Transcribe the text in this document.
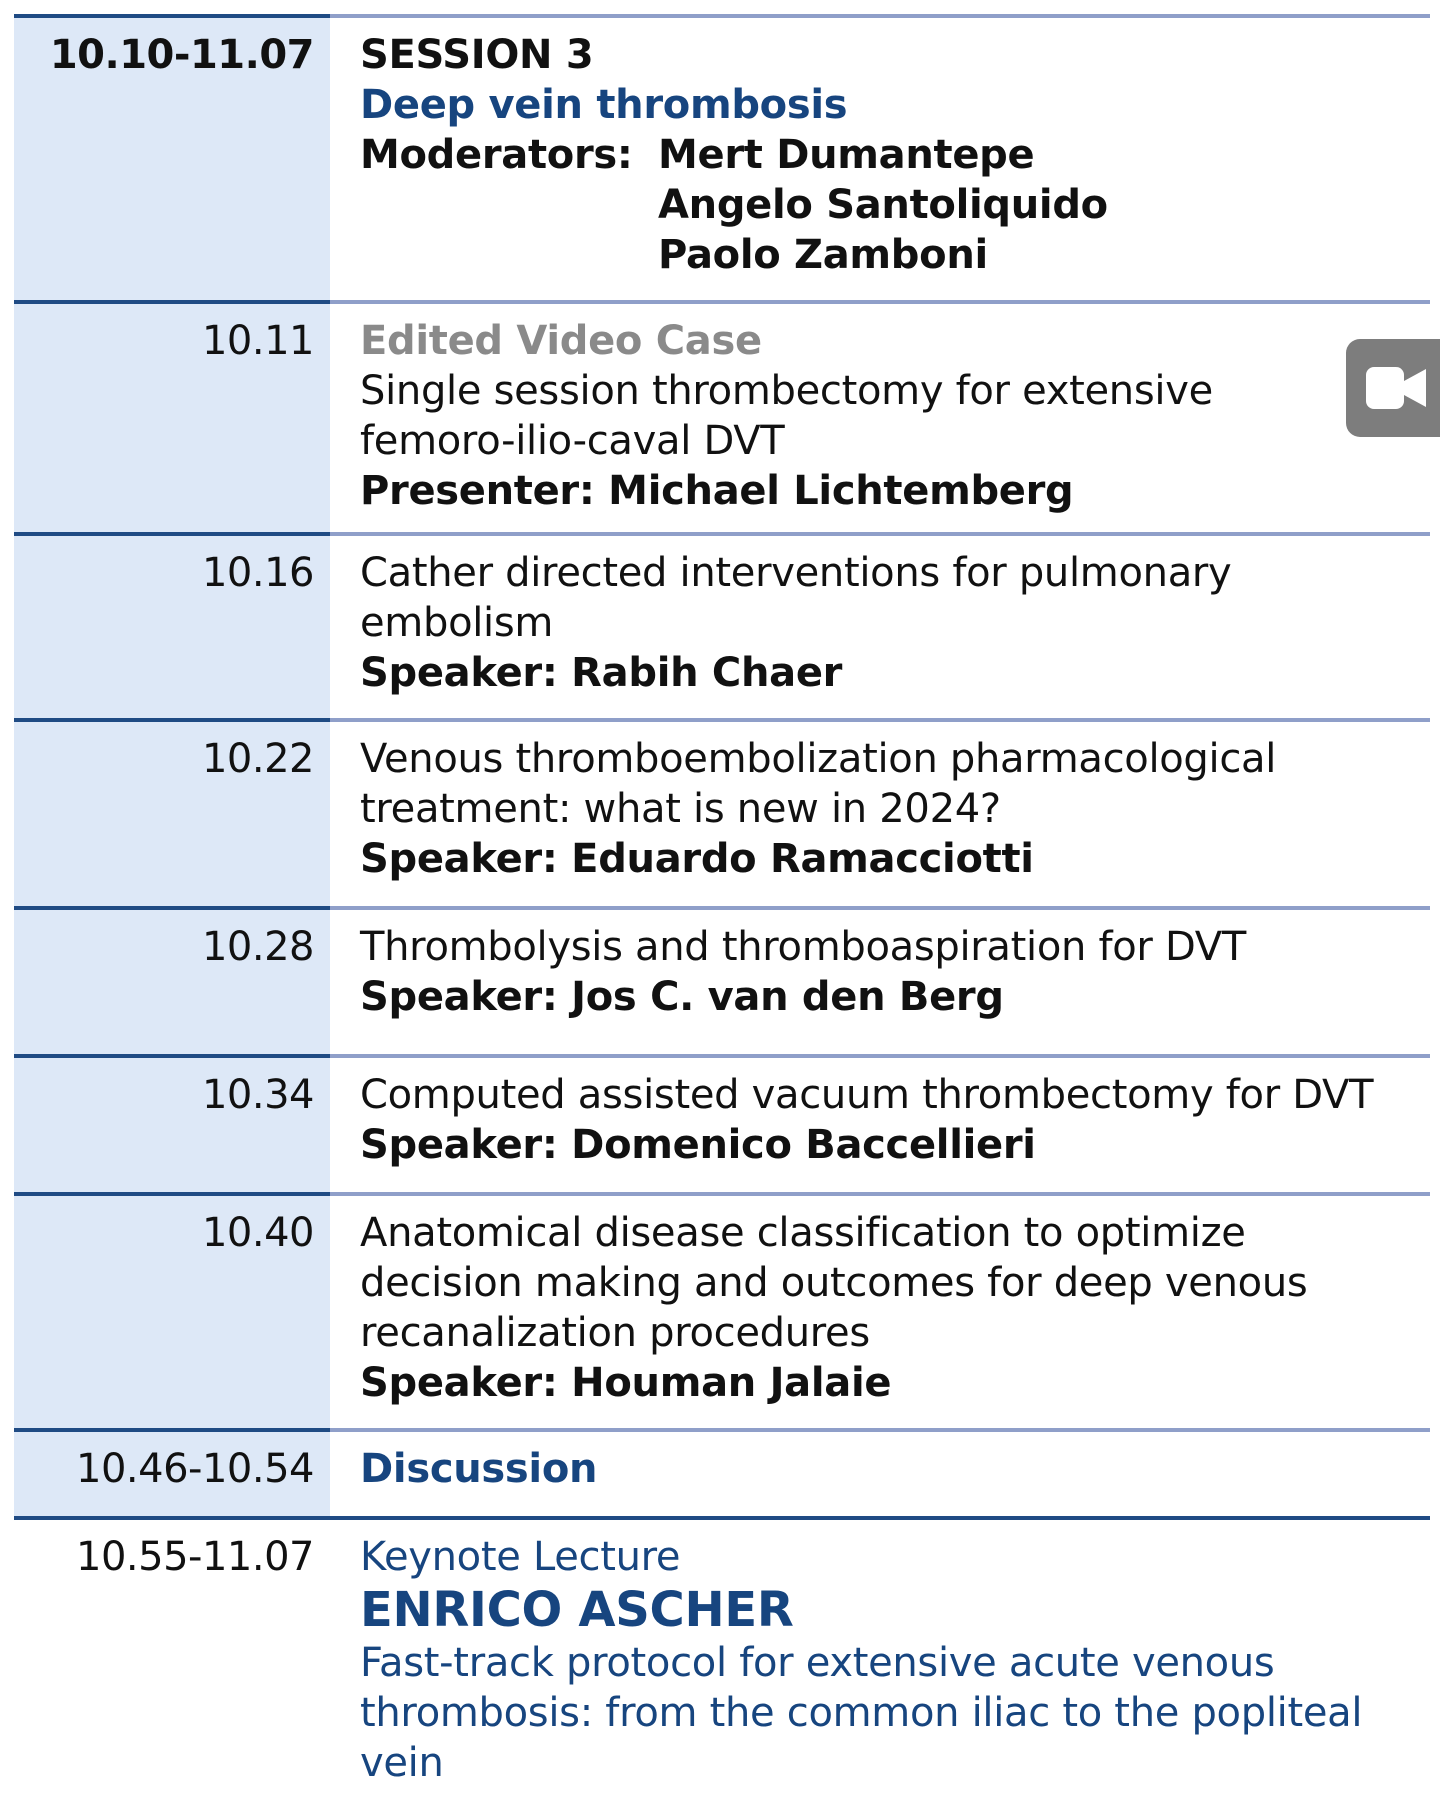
10.10-11.07 SESSION 3
Deep vein thrombosis
Moderators: Mert Dumantepe
Angelo Santoliquido
Paolo Zamboni
10.11 Edited Video Case
Single session thrombectomy for extensive
femoro-ilio-caval DVT
Presenter: Michael Lichtemberg
10.16 Cather directed interventions for pulmonary
embolism
Speaker: Rabih Chaer
10.22 Venous thromboembolization pharmacological
treatment: what is new in 2024?
Speaker: Eduardo Ramacciotti
10.28 Thrombolysis and thromboaspiration for DVT
Speaker: Jos C. van den Berg
10.34 Computed assisted vacuum thrombectomy for DVT
Speaker: Domenico Baccellieri
10.40 Anatomical disease classification to optimize
decision making and outcomes for deep venous
recanalization procedures
Speaker: Houman Jalaie
10.46-10.54 Discussion
10.55-11.07 Keynote Lecture
ENRICO ASCHER
Fast-track protocol for extensive acute venous
thrombosis: from the common iliac to the popliteal
vein
